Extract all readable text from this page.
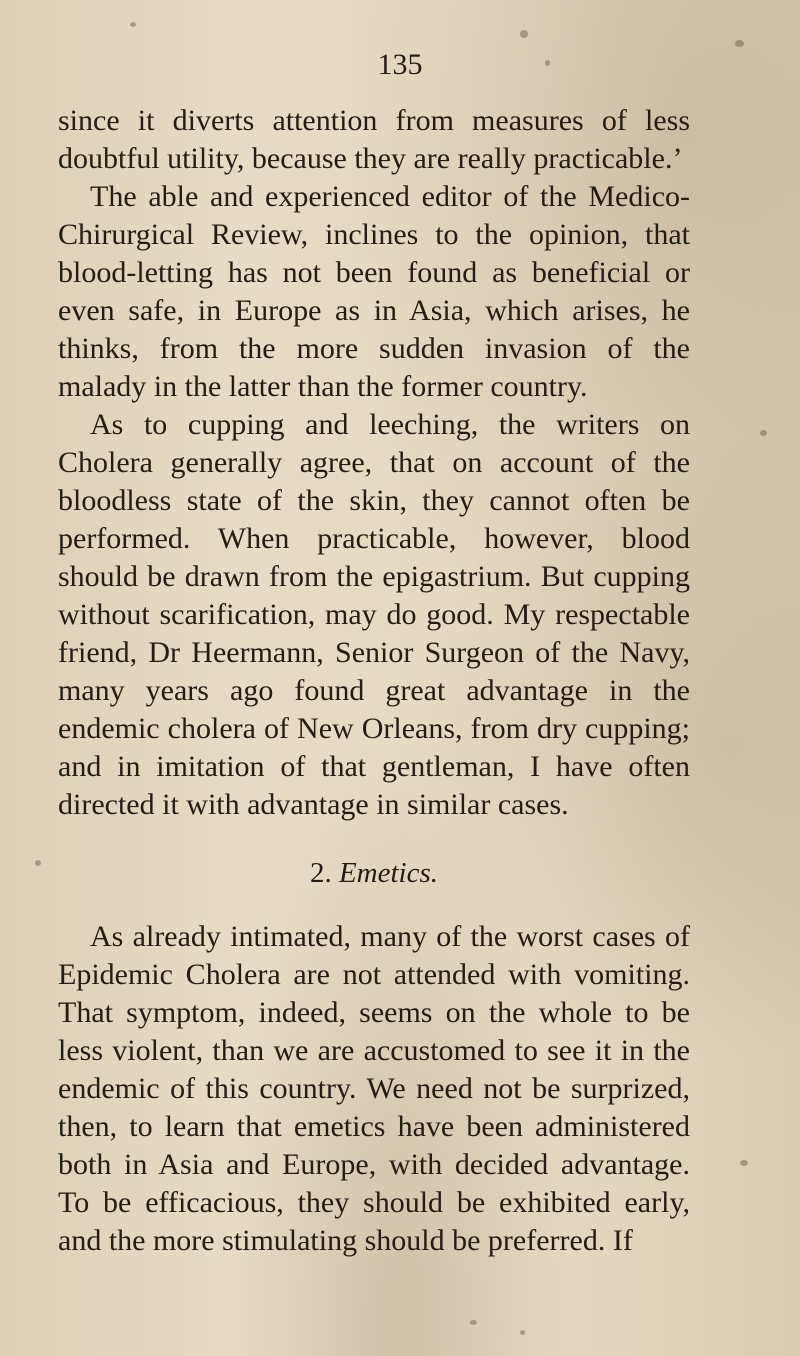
135

since it diverts attention from measures of less doubtful utility, because they are really practicable.’

The able and experienced editor of the Medico-Chirurgical Review, inclines to the opinion, that blood-letting has not been found as beneficial or even safe, in Europe as in Asia, which arises, he thinks, from the more sudden invasion of the malady in the latter than the former country.

As to cupping and leeching, the writers on Cholera generally agree, that on account of the bloodless state of the skin, they cannot often be performed. When practicable, however, blood should be drawn from the epigastrium. But cupping without scarification, may do good. My respectable friend, Dr Heermann, Senior Surgeon of the Navy, many years ago found great advantage in the endemic cholera of New Orleans, from dry cupping; and in imitation of that gentleman, I have often directed it with advantage in similar cases.

2. Emetics.

As already intimated, many of the worst cases of Epidemic Cholera are not attended with vomiting. That symptom, indeed, seems on the whole to be less violent, than we are accustomed to see it in the endemic of this country. We need not be surprized, then, to learn that emetics have been administered both in Asia and Europe, with decided advantage. To be efficacious, they should be exhibited early, and the more stimulating should be preferred. If
